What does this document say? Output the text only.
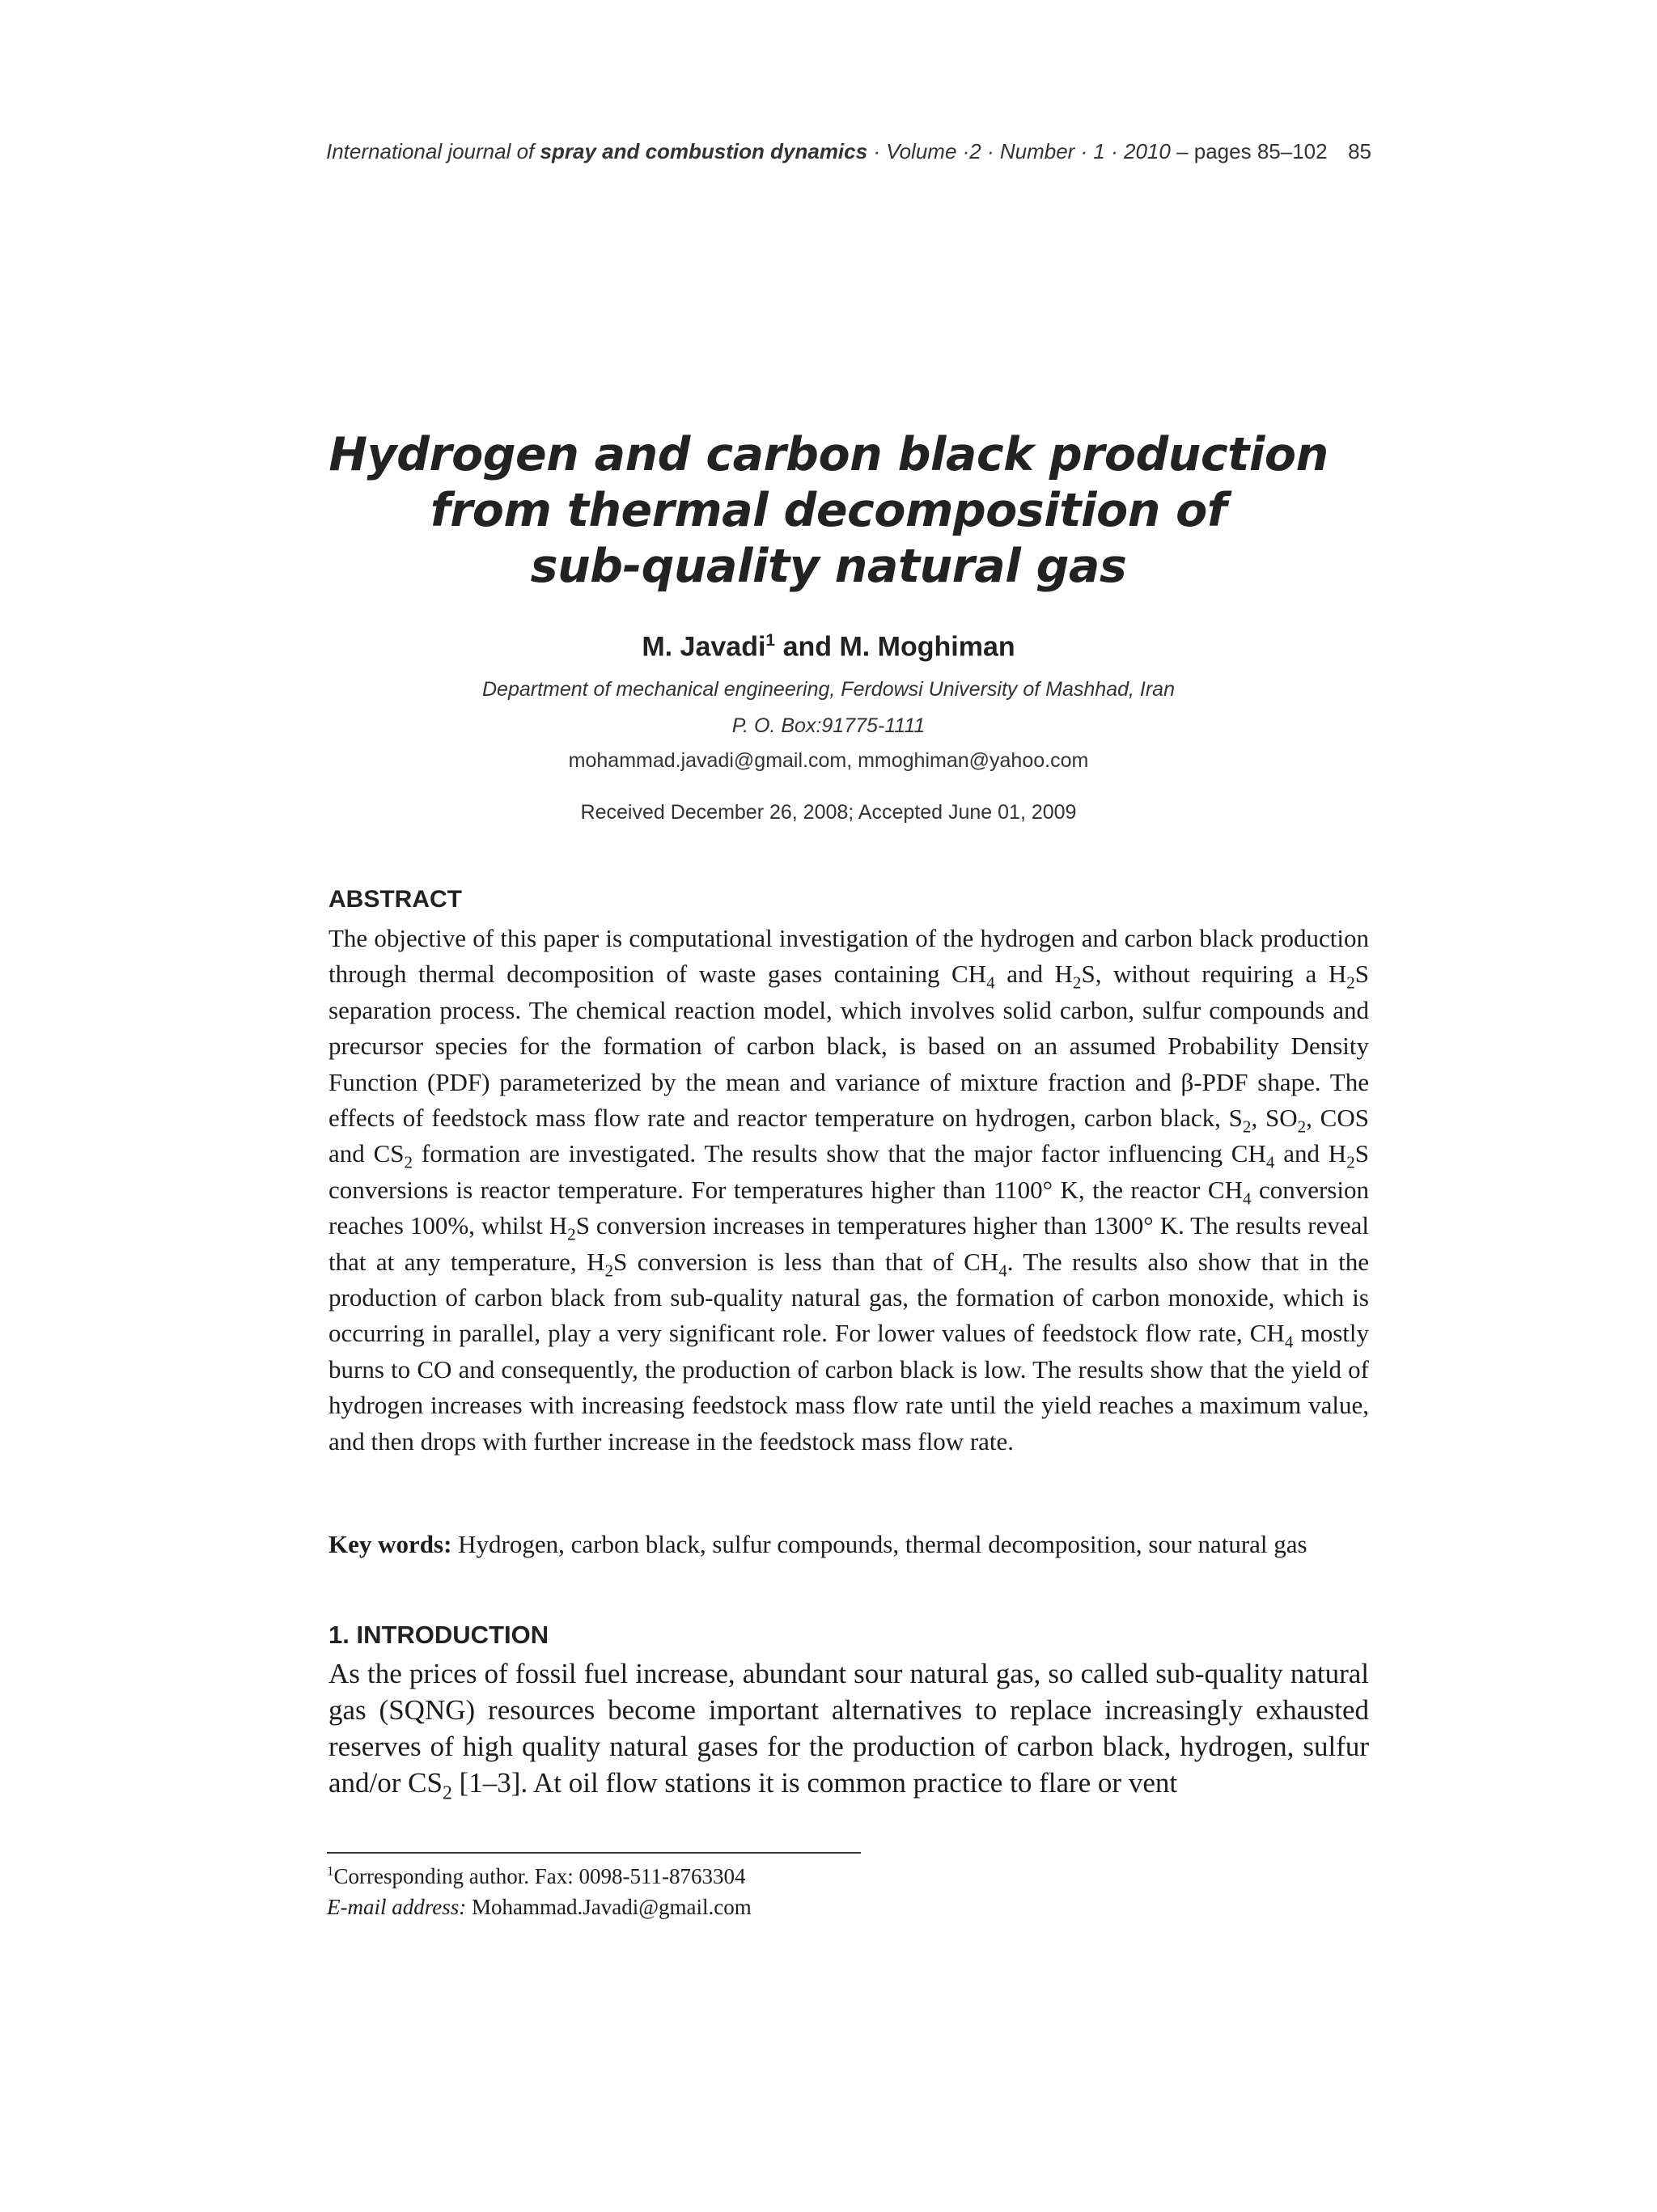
International journal of spray and combustion dynamics · Volume ·2 · Number · 1 · 2010 – pages 85–102 85
Hydrogen and carbon black production
from thermal decomposition of
sub-quality natural gas
M. Javadi$^1$ and M. Moghiman
Department of mechanical engineering, Ferdowsi University of Mashhad, Iran
P. O. Box:91775-1111
mohammad.javadi@gmail.com, mmoghiman@yahoo.com
Received December 26, 2008; Accepted June 01, 2009
ABSTRACT
The objective of this paper is computational investigation of the hydrogen and carbon black production through thermal decomposition of waste gases containing $CH_4$ and $H_2S$, without requiring a $H_2S$ separation process. The chemical reaction model, which involves solid carbon, sulfur compounds and precursor species for the formation of carbon black, is based on an assumed Probability Density Function (PDF) parameterized by the mean and variance of mixture fraction and β-PDF shape. The effects of feedstock mass flow rate and reactor temperature on hydrogen, carbon black, $S_2$, $SO_2$, COS and $CS_2$ formation are investigated. The results show that the major factor influencing $CH_4$ and $H_2S$ conversions is reactor temperature. For temperatures higher than 1100° K, the reactor $CH_4$ conversion reaches 100%, whilst $H_2S$ conversion increases in temperatures higher than 1300° K. The results reveal that at any temperature, $H_2S$ conversion is less than that of $CH_4$. The results also show that in the production of carbon black from sub-quality natural gas, the formation of carbon monoxide, which is occurring in parallel, play a very significant role. For lower values of feedstock flow rate, $CH_4$ mostly burns to CO and consequently, the production of carbon black is low. The results show that the yield of hydrogen increases with increasing feedstock mass flow rate until the yield reaches a maximum value, and then drops with further increase in the feedstock mass flow rate.
Key words: Hydrogen, carbon black, sulfur compounds, thermal decomposition, sour natural gas
1. INTRODUCTION
As the prices of fossil fuel increase, abundant sour natural gas, so called sub-quality natural gas (SQNG) resources become important alternatives to replace increasingly exhausted reserves of high quality natural gases for the production of carbon black, hydrogen, sulfur and/or $CS_2$ [1–3]. At oil flow stations it is common practice to flare or vent
$^1$Corresponding author. Fax: 0098-511-8763304
E-mail address: Mohammad.Javadi@gmail.com
